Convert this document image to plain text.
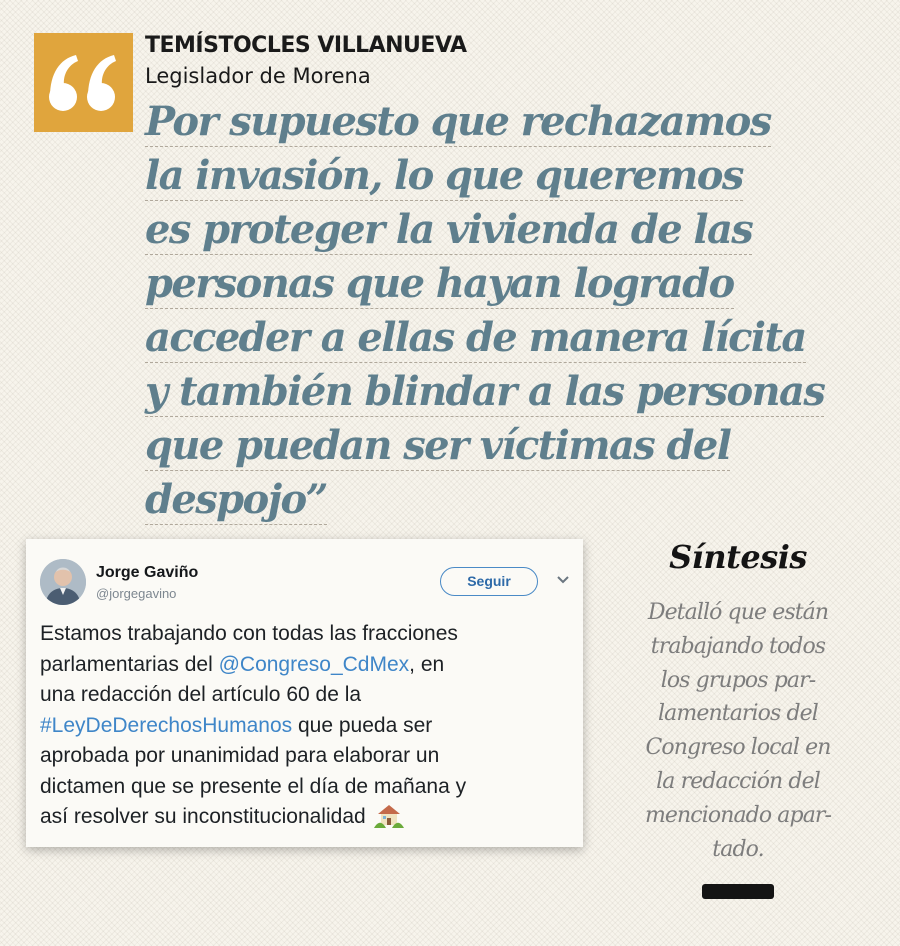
TEMÍSTOCLES VILLANUEVA
Legislador de Morena
Por supuesto que rechazamos
la invasión, lo que queremos
es proteger la vivienda de las
personas que hayan logrado
acceder a ellas de manera lícita
y también blindar a las personas
que puedan ser víctimas del
despojo”
Jorge Gaviño
@jorgegavino
Seguir
Estamos trabajando con todas las fracciones
parlamentarias del @Congreso_CdMex, en
una redacción del artículo 60 de la
#LeyDeDerechosHumanos que pueda ser
aprobada por unanimidad para elaborar un
dictamen que se presente el día de mañana y
así resolver su inconstitucionalidad
Síntesis
Detalló que están
trabajando todos
los grupos par-
lamentarios del
Congreso local en
la redacción del
mencionado apar-
tado.
